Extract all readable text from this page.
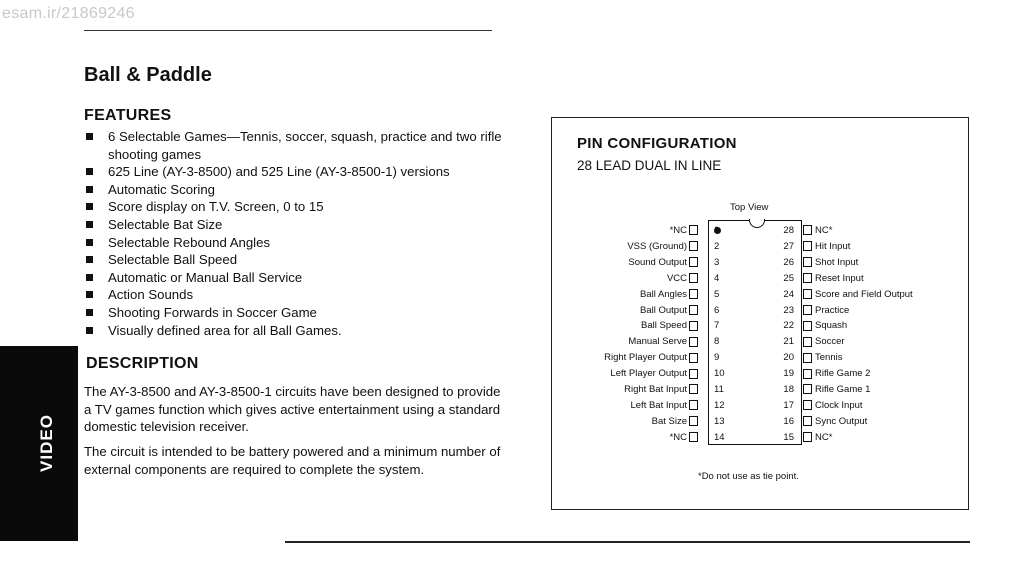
esam.ir/21869246
Ball & Paddle
FEATURES
6 Selectable Games—Tennis, soccer, squash, practice and two rifle shooting games
625 Line (AY-3-8500) and 525 Line (AY-3-8500-1) versions
Automatic Scoring
Score display on T.V. Screen, 0 to 15
Selectable Bat Size
Selectable Rebound Angles
Selectable Ball Speed
Automatic or Manual Ball Service
Action Sounds
Shooting Forwards in Soccer Game
Visually defined area for all Ball Games.
VIDEO
DESCRIPTION

The AY-3-8500 and AY-3-8500-1 circuits have been designed to provide a TV games function which gives active entertainment using a standard domestic television receiver.

The circuit is intended to be battery powered and a minimum number of external components are required to complete the system.

PIN CONFIGURATION
28 LEAD DUAL IN LINE
Top View
*NC	1
VSS (Ground)	2
Sound Output	3
VCC	4
Ball Angles	5
Ball Output	6
Ball Speed	7
Manual Serve	8
Right Player Output	9
Left Player Output	10
Right Bat Input	11
Left Bat Input	12
Bat Size	13
*NC	14
28	NC*
27	Hit Input
26	Shot Input
25	Reset Input
24	Score and Field Output
23	Practice
22	Squash
21	Soccer
20	Tennis
19	Rifle Game 2
18	Rifle Game 1
17	Clock Input
16	Sync Output
15	NC*
*Do not use as tie point.
